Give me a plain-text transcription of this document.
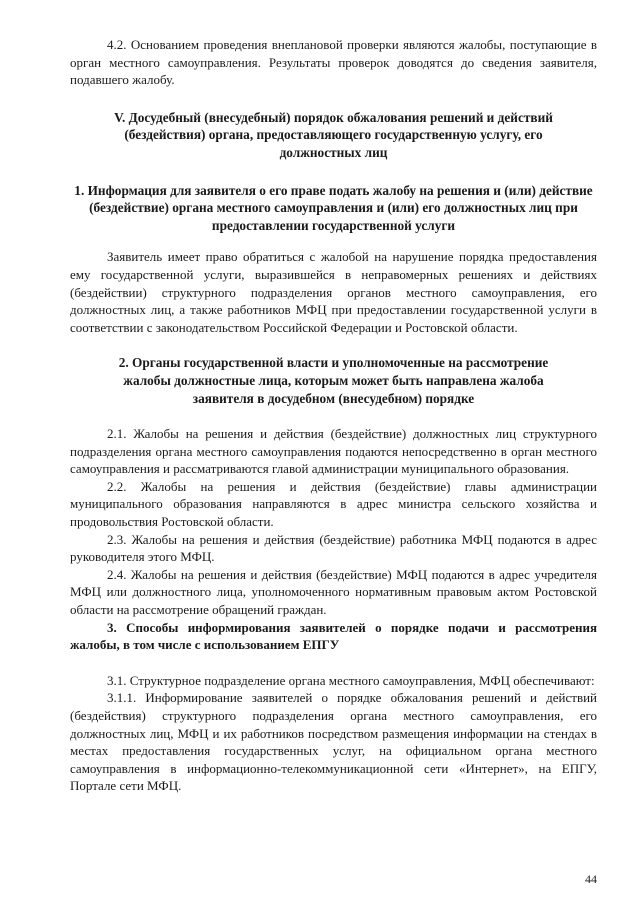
4.2. Основанием проведения внеплановой проверки являются жалобы, поступающие в орган местного самоуправления. Результаты проверок доводятся до сведения заявителя, подавшего жалобу.

V. Досудебный (внесудебный) порядок обжалования решений и действий (бездействия) органа, предоставляющего государственную услугу, его должностных лиц
1. Информация для заявителя о его праве подать жалобу на решения и (или) действие (бездействие) органа местного самоуправления и (или) его должностных лиц при предоставлении государственной услуги

Заявитель имеет право обратиться с жалобой на нарушение порядка предоставления ему государственной услуги, выразившейся в неправомерных решениях и действиях (бездействии) структурного подразделения органов местного самоуправления, его должностных лиц, а также работников МФЦ при предоставлении государственной услуги в соответствии с законодательством Российской Федерации и Ростовской области.

2. Органы государственной власти и уполномоченные на рассмотрение жалобы должностные лица, которым может быть направлена жалоба заявителя в досудебном (внесудебном) порядке

2.1. Жалобы на решения и действия (бездействие) должностных лиц структурного подразделения органа местного самоуправления подаются непосредственно в орган местного самоуправления и рассматриваются главой администрации муниципального образования.

2.2. Жалобы на решения и действия (бездействие) главы администрации муниципального образования направляются в адрес министра сельского хозяйства и продовольствия Ростовской области.

2.3. Жалобы на решения и действия (бездействие) работника МФЦ подаются в адрес руководителя этого МФЦ.

2.4. Жалобы на решения и действия (бездействие) МФЦ подаются в адрес учредителя МФЦ или должностного лица, уполномоченного нормативным правовым актом Ростовской области на рассмотрение обращений граждан.

3. Способы информирования заявителей о порядке подачи и рассмотрения жалобы, в том числе с использованием ЕПГУ

3.1. Структурное подразделение органа местного самоуправления, МФЦ обеспечивают:

3.1.1. Информирование заявителей о порядке обжалования решений и действий (бездействия) структурного подразделения органа местного самоуправления, его должностных лиц, МФЦ и их работников посредством размещения информации на стендах в местах предоставления государственных услуг, на официальном органа местного самоуправления в информационно-телекоммуникационной сети «Интернет», на ЕПГУ, Портале сети МФЦ.

44
